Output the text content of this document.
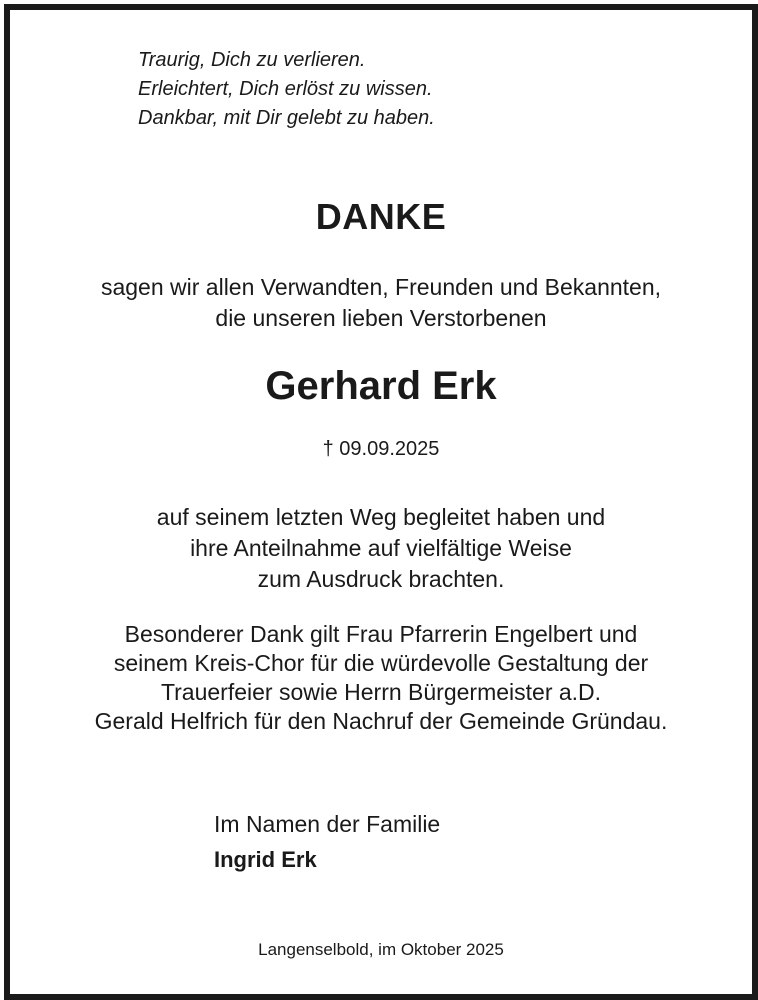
Traurig, Dich zu verlieren.
Erleichtert, Dich erlöst zu wissen.
Dankbar, mit Dir gelebt zu haben.
DANKE
sagen wir allen Verwandten, Freunden und Bekannten,
die unseren lieben Verstorbenen
Gerhard Erk
† 09.09.2025
auf seinem letzten Weg begleitet haben und
ihre Anteilnahme auf vielfältige Weise
zum Ausdruck brachten.
Besonderer Dank gilt Frau Pfarrerin Engelbert und
seinem Kreis-Chor für die würdevolle Gestaltung der
Trauerfeier sowie Herrn Bürgermeister a.D.
Gerald Helfrich für den Nachruf der Gemeinde Gründau.
Im Namen der Familie
Ingrid Erk
Langenselbold, im Oktober 2025
